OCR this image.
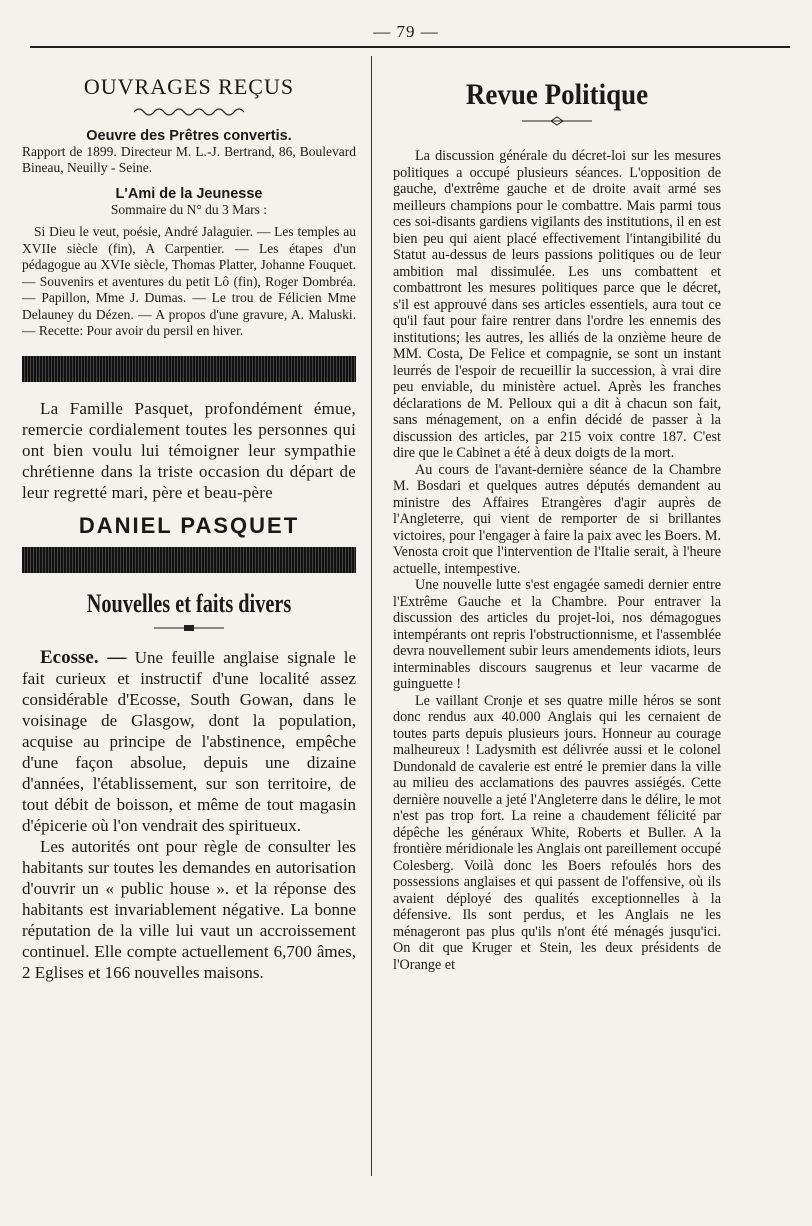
— 79 —
OUVRAGES REÇUS
Oeuvre des Prêtres convertis.

Rapport de 1899. Directeur M. L.-J. Bertrand, 86, Boulevard Bineau, Neuilly - Seine.

L'Ami de la Jeunesse
Sommaire du N° du 3 Mars :

Si Dieu le veut, poésie, André Jalaguier. — Les temples au XVIIe siècle (fin), A Carpentier. — Les étapes d'un pédagogue au XVIe siècle, Thomas Platter, Johanne Fouquet. — Souvenirs et aventures du petit Lô (fin), Roger Dombréa. — Papillon, Mme J. Dumas. — Le trou de Félicien Mme Delauney du Dézen. — A propos d'une gravure, A. Maluski. — Recette: Pour avoir du persil en hiver.

La Famille Pasquet, profondément émue, remercie cordialement toutes les personnes qui ont bien voulu lui témoigner leur sympathie chrétienne dans la triste occasion du départ de leur regretté mari, père et beau-père

DANIEL PASQUET
Nouvelles et faits divers

Ecosse. — Une feuille anglaise signale le fait curieux et instructif d'une localité assez considérable d'Ecosse, South Gowan, dans le voisinage de Glasgow, dont la population, acquise au principe de l'abstinence, empêche d'une façon absolue, depuis une dizaine d'années, l'établissement, sur son territoire, de tout débit de boisson, et même de tout magasin d'épicerie où l'on vendrait des spiritueux.

Les autorités ont pour règle de consulter les habitants sur toutes les demandes en autorisation d'ouvrir un « public house ». et la réponse des habitants est invariablement négative. La bonne réputation de la ville lui vaut un accroissement continuel. Elle compte actuellement 6,700 âmes, 2 Eglises et 166 nouvelles maisons.

Revue Politique

La discussion générale du décret-loi sur les mesures politiques a occupé plusieurs séances. L'opposition de gauche, d'extrême gauche et de droite avait armé ses meilleurs champions pour le combattre. Mais parmi tous ces soi-disants gardiens vigilants des institutions, il en est bien peu qui aient placé effectivement l'intangibilité du Statut au-dessus de leurs passions politiques ou de leur ambition mal dissimulée. Les uns combattent et combattront les mesures politiques parce que le décret, s'il est approuvé dans ses articles essentiels, aura tout ce qu'il faut pour faire rentrer dans l'ordre les ennemis des institutions; les autres, les alliés de la onzième heure de MM. Costa, De Felice et compagnie, se sont un instant leurrés de l'espoir de recueillir la succession, à vrai dire peu enviable, du ministère actuel. Après les franches déclarations de M. Pelloux qui a dit à chacun son fait, sans ménagement, on a enfin décidé de passer à la discussion des articles, par 215 voix contre 187. C'est dire que le Cabinet a été à deux doigts de la mort.

Au cours de l'avant-dernière séance de la Chambre M. Bosdari et quelques autres députés demandent au ministre des Affaires Etrangères d'agir auprès de l'Angleterre, qui vient de remporter de si brillantes victoires, pour l'engager à faire la paix avec les Boers. M. Venosta croit que l'intervention de l'Italie serait, à l'heure actuelle, intempestive.

Une nouvelle lutte s'est engagée samedi dernier entre l'Extrême Gauche et la Chambre. Pour entraver la discussion des articles du projet-loi, nos démagogues intempérants ont repris l'obstructionnisme, et l'assemblée devra nouvellement subir leurs amendements idiots, leurs interminables discours saugrenus et leur vacarme de guinguette !

Le vaillant Cronje et ses quatre mille héros se sont donc rendus aux 40.000 Anglais qui les cernaient de toutes parts depuis plusieurs jours. Honneur au courage malheureux ! Ladysmith est délivrée aussi et le colonel Dundonald de cavalerie est entré le premier dans la ville au milieu des acclamations des pauvres assiégés. Cette dernière nouvelle a jeté l'Angleterre dans le délire, le mot n'est pas trop fort. La reine a chaudement félicité par dépêche les généraux White, Roberts et Buller. A la frontière méridionale les Anglais ont pareillement occupé Colesberg. Voilà donc les Boers refoulés hors des possessions anglaises et qui passent de l'offensive, où ils avaient déployé des qualités exceptionnelles à la défensive. Ils sont perdus, et les Anglais ne les ménageront pas plus qu'ils n'ont été ménagés jusqu'ici. On dit que Kruger et Stein, les deux présidents de l'Orange et
